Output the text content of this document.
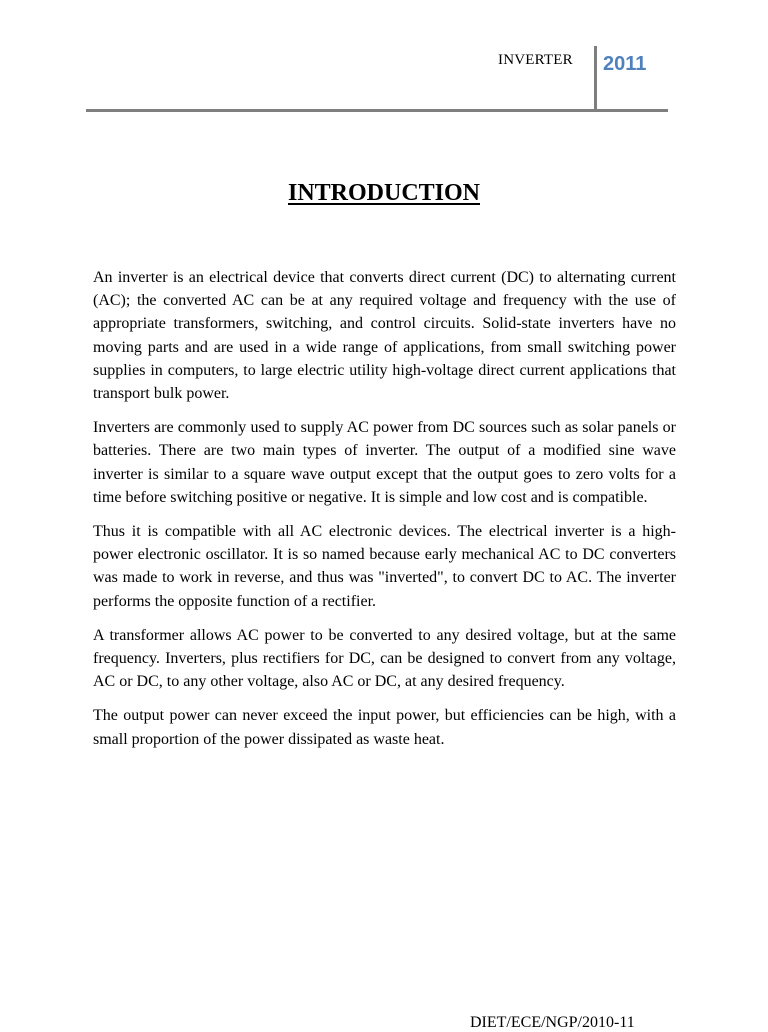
INVERTER 2011
INTRODUCTION

An inverter is an electrical device that converts direct current (DC) to alternating current (AC); the converted AC can be at any required voltage and frequency with the use of appropriate transformers, switching, and control circuits. Solid-state inverters have no moving parts and are used in a wide range of applications, from small switching power supplies in computers, to large electric utility high-voltage direct current applications that transport bulk power.

Inverters are commonly used to supply AC power from DC sources such as solar panels or batteries. There are two main types of inverter. The output of a modified sine wave inverter is similar to a square wave output except that the output goes to zero volts for a time before switching positive or negative. It is simple and low cost and is compatible.

Thus it is compatible with all AC electronic devices. The electrical inverter is a high-power electronic oscillator. It is so named because early mechanical AC to DC converters was made to work in reverse, and thus was "inverted", to convert DC to AC. The inverter performs the opposite function of a rectifier.

A transformer allows AC power to be converted to any desired voltage, but at the same frequency. Inverters, plus rectifiers for DC, can be designed to convert from any voltage, AC or DC, to any other voltage, also AC or DC, at any desired frequency.

The output power can never exceed the input power, but efficiencies can be high, with a small proportion of the power dissipated as waste heat.

DIET/ECE/NGP/2010-11
